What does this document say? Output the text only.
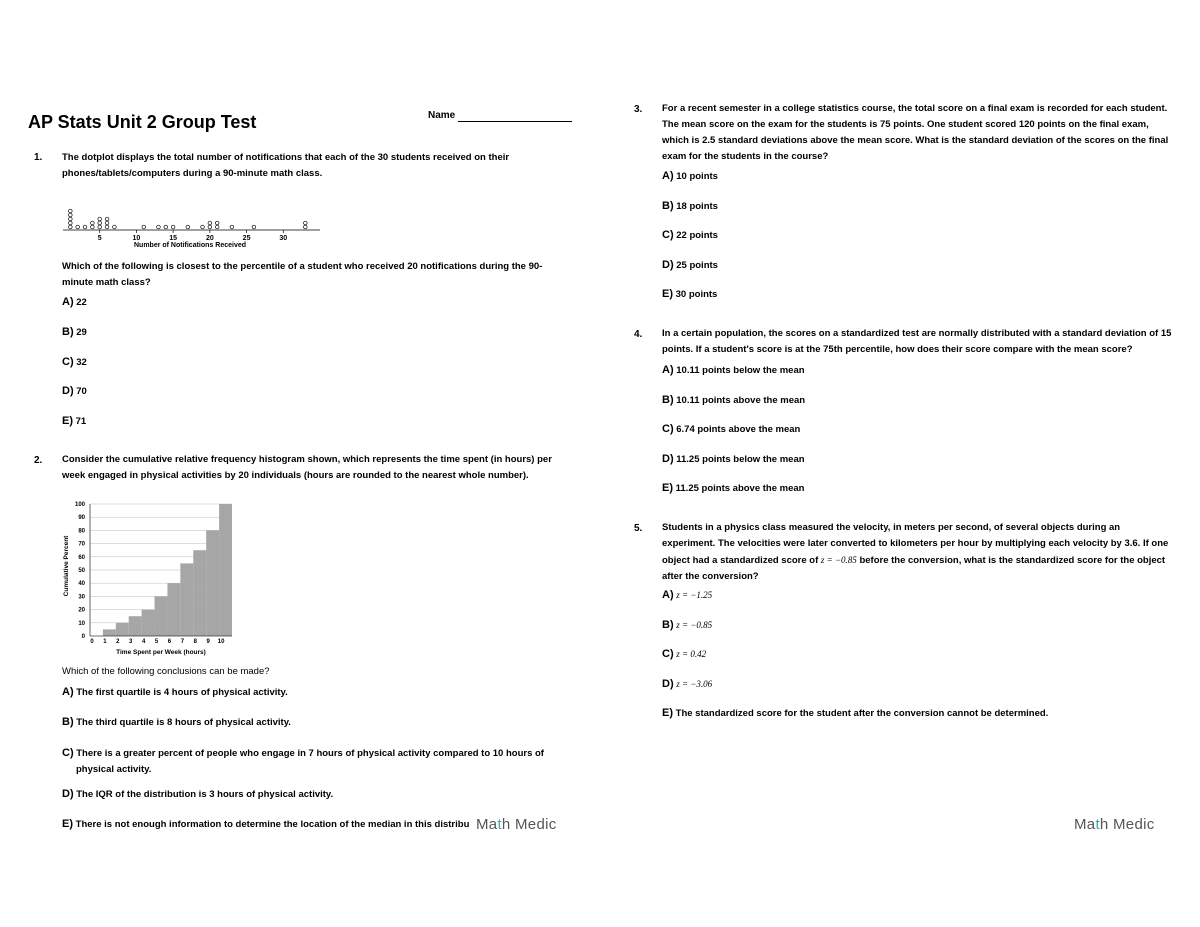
AP Stats Unit 2 Group Test	Name
1. The dotplot displays the total number of notifications that each of the 30 students received on their phones/tablets/computers during a 90-minute math class.
5	10	15	20	25	30
Number of Notifications Received
Which of the following is closest to the percentile of a student who received 20 notifications during the 90-minute math class?
A) 22
B) 29
C) 32
D) 70
E) 71
2. Consider the cumulative relative frequency histogram shown, which represents the time spent (in hours) per week engaged in physical activities by 20 individuals (hours are rounded to the nearest whole number).
Cumulative Percent
0
10
20
30
40
50
60
70
80
90
100
0 1 2 3 4 5 6 7 8 9 10
Time Spent per Week (hours)
Which of the following conclusions can be made?
A) The first quartile is 4 hours of physical activity.
B) The third quartile is 8 hours of physical activity.
C) There is a greater percent of people who engage in 7 hours of physical activity compared to 10 hours of physical activity.
D) The IQR of the distribution is 3 hours of physical activity.
E) There is not enough information to determine the location of the median in this distribu Math Medic
3. For a recent semester in a college statistics course, the total score on a final exam is recorded for each student. The mean score on the exam for the students is 75 points. One student scored 120 points on the final exam, which is 2.5 standard deviations above the mean score. What is the standard deviation of the scores on the final exam for the students in the course?
A) 10 points
B) 18 points
C) 22 points
D) 25 points
E) 30 points
4. In a certain population, the scores on a standardized test are normally distributed with a standard deviation of 15 points. If a student's score is at the 75th percentile, how does their score compare with the mean score?
A) 10.11 points below the mean
B) 10.11 points above the mean
C) 6.74 points above the mean
D) 11.25 points below the mean
E) 11.25 points above the mean
5. Students in a physics class measured the velocity, in meters per second, of several objects during an experiment. The velocities were later converted to kilometers per hour by multiplying each velocity by 3.6. If one object had a standardized score of z = −0.85 before the conversion, what is the standardized score for the object after the conversion?
A) z = −1.25
B) z = −0.85
C) z = 0.42
D) z = −3.06
E) The standardized score for the student after the conversion cannot be determined.
Math Medic
